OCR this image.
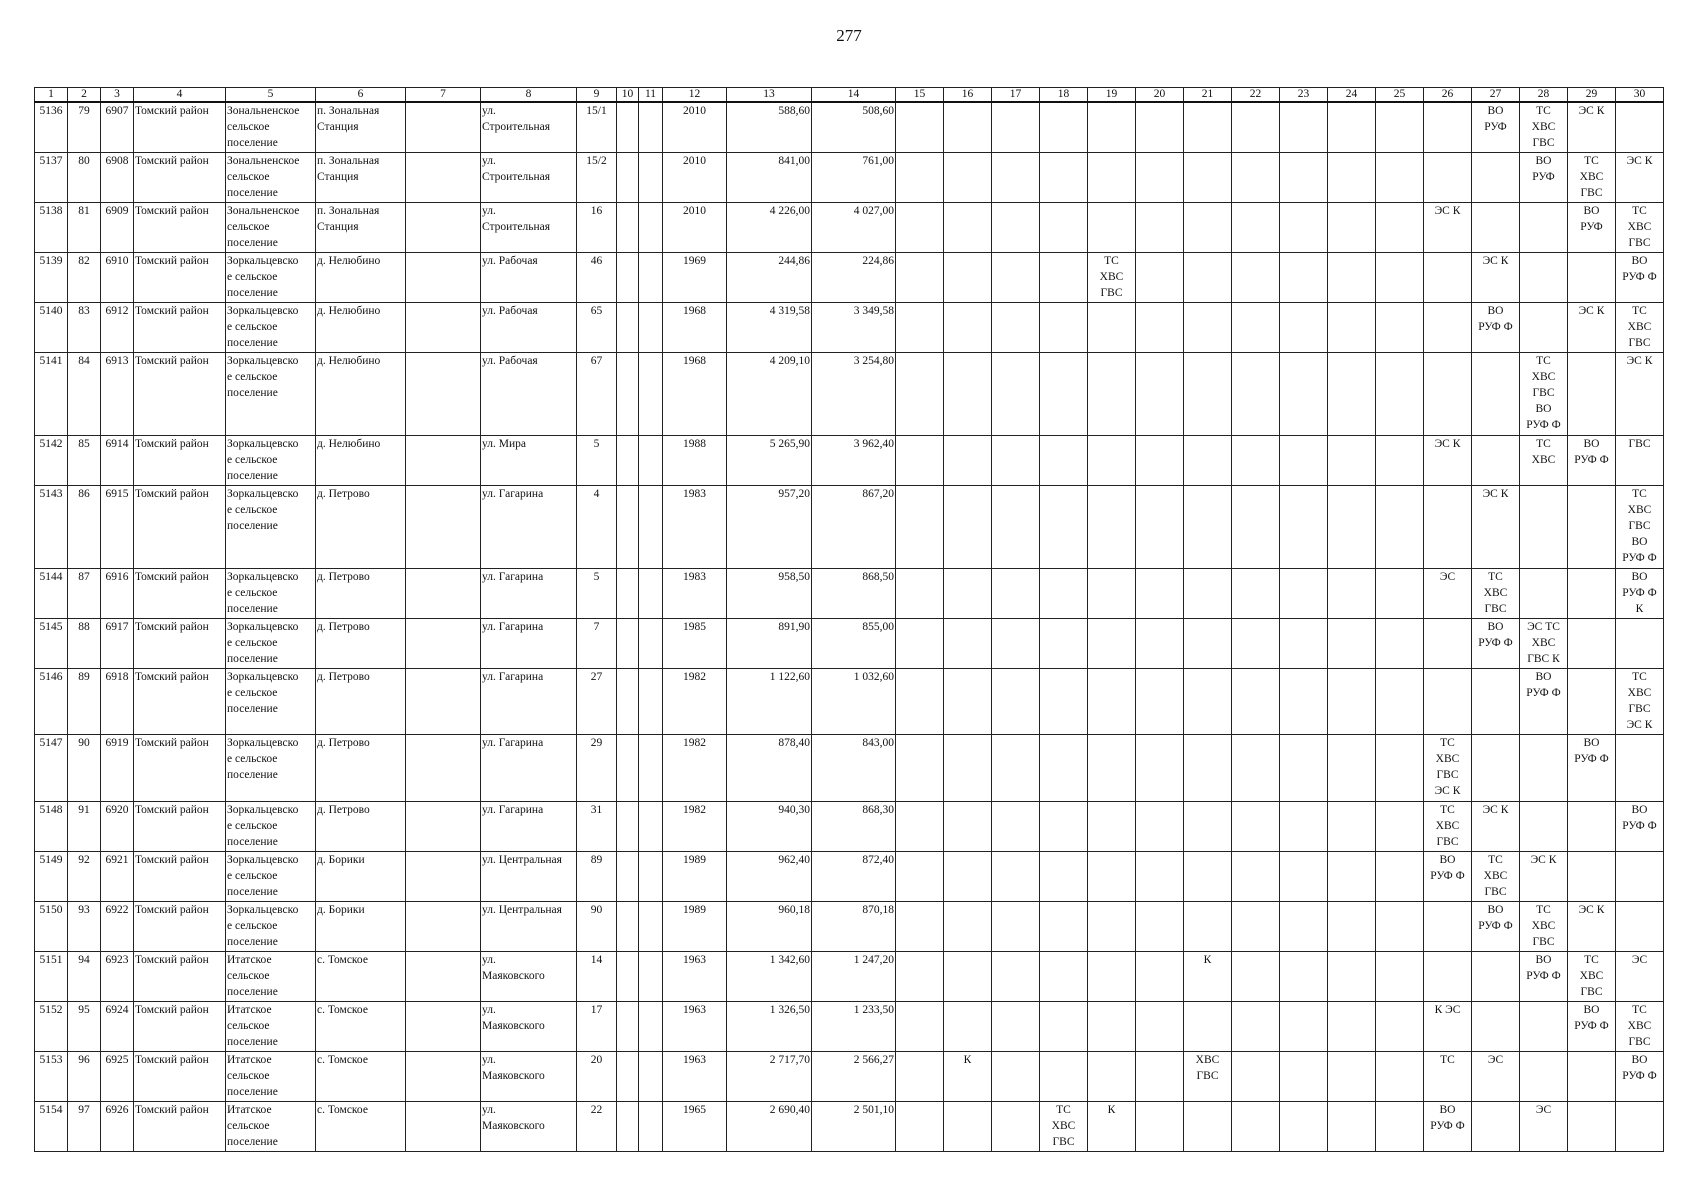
277
1	2	3	4	5	6	7	8	9	10	11	12	13	14	15	16	17	18	19	20	21	22	23	24	25	26	27	28	29	30
5136	79	6907	Томский район	Зональненское
сельское
поселение	п. Зональная
Станция		ул.
Строительная	15/1			2010	588,60	508,60													ВО
РУФ	ТС
ХВС
ГВС	ЭС К	
5137	80	6908	Томский район	Зональненское
сельское
поселение	п. Зональная
Станция		ул.
Строительная	15/2			2010	841,00	761,00														ВО
РУФ	ТС
ХВС
ГВС	ЭС К
5138	81	6909	Томский район	Зональненское
сельское
поселение	п. Зональная
Станция		ул.
Строительная	16			2010	4 226,00	4 027,00												ЭС К			ВО
РУФ	ТС
ХВС
ГВС
5139	82	6910	Томский район	Зоркальцевско
е сельское
поселение	д. Нелюбино		ул. Рабочая	46			1969	244,86	224,86					ТС
ХВС
ГВС								ЭС К			ВО
РУФ Ф
5140	83	6912	Томский район	Зоркальцевско
е сельское
поселение	д. Нелюбино		ул. Рабочая	65			1968	4 319,58	3 349,58													ВО
РУФ Ф		ЭС К	ТС
ХВС
ГВС
5141	84	6913	Томский район	Зоркальцевско
е сельское
поселение	д. Нелюбино		ул. Рабочая	67			1968	4 209,10	3 254,80														ТС
ХВС
ГВС
ВО
РУФ Ф		ЭС К
5142	85	6914	Томский район	Зоркальцевско
е сельское
поселение	д. Нелюбино		ул. Мира	5			1988	5 265,90	3 962,40												ЭС К		ТС
ХВС	ВО
РУФ Ф	ГВС
5143	86	6915	Томский район	Зоркальцевско
е сельское
поселение	д. Петрово		ул. Гагарина	4			1983	957,20	867,20													ЭС К			ТС
ХВС
ГВС
ВО
РУФ Ф
5144	87	6916	Томский район	Зоркальцевско
е сельское
поселение	д. Петрово		ул. Гагарина	5			1983	958,50	868,50												ЭС	ТС
ХВС
ГВС			ВО
РУФ Ф
К
5145	88	6917	Томский район	Зоркальцевско
е сельское
поселение	д. Петрово		ул. Гагарина	7			1985	891,90	855,00													ВО
РУФ Ф	ЭС ТС
ХВС
ГВС К		
5146	89	6918	Томский район	Зоркальцевско
е сельское
поселение	д. Петрово		ул. Гагарина	27			1982	1 122,60	1 032,60														ВО
РУФ Ф		ТС
ХВС
ГВС
ЭС К
5147	90	6919	Томский район	Зоркальцевско
е сельское
поселение	д. Петрово		ул. Гагарина	29			1982	878,40	843,00												ТС
ХВС
ГВС
ЭС К			ВО
РУФ Ф	
5148	91	6920	Томский район	Зоркальцевско
е сельское
поселение	д. Петрово		ул. Гагарина	31			1982	940,30	868,30												ТС
ХВС
ГВС	ЭС К			ВО
РУФ Ф
5149	92	6921	Томский район	Зоркальцевско
е сельское
поселение	д. Борики		ул. Центральная	89			1989	962,40	872,40												ВО
РУФ Ф	ТС
ХВС
ГВС	ЭС К		
5150	93	6922	Томский район	Зоркальцевско
е сельское
поселение	д. Борики		ул. Центральная	90			1989	960,18	870,18													ВО
РУФ Ф	ТС
ХВС
ГВС	ЭС К	
5151	94	6923	Томский район	Итатское
сельское
поселение	с. Томское		ул.
Маяковского	14			1963	1 342,60	1 247,20							К							ВО
РУФ Ф	ТС
ХВС
ГВС	ЭС
5152	95	6924	Томский район	Итатское
сельское
поселение	с. Томское		ул.
Маяковского	17			1963	1 326,50	1 233,50												К ЭС			ВО
РУФ Ф	ТС
ХВС
ГВС
5153	96	6925	Томский район	Итатское
сельское
поселение	с. Томское		ул.
Маяковского	20			1963	2 717,70	2 566,27		К					ХВС
ГВС					ТС	ЭС			ВО
РУФ Ф
5154	97	6926	Томский район	Итатское
сельское
поселение	с. Томское		ул.
Маяковского	22			1965	2 690,40	2 501,10				ТС
ХВС
ГВС	К							ВО
РУФ Ф		ЭС		
